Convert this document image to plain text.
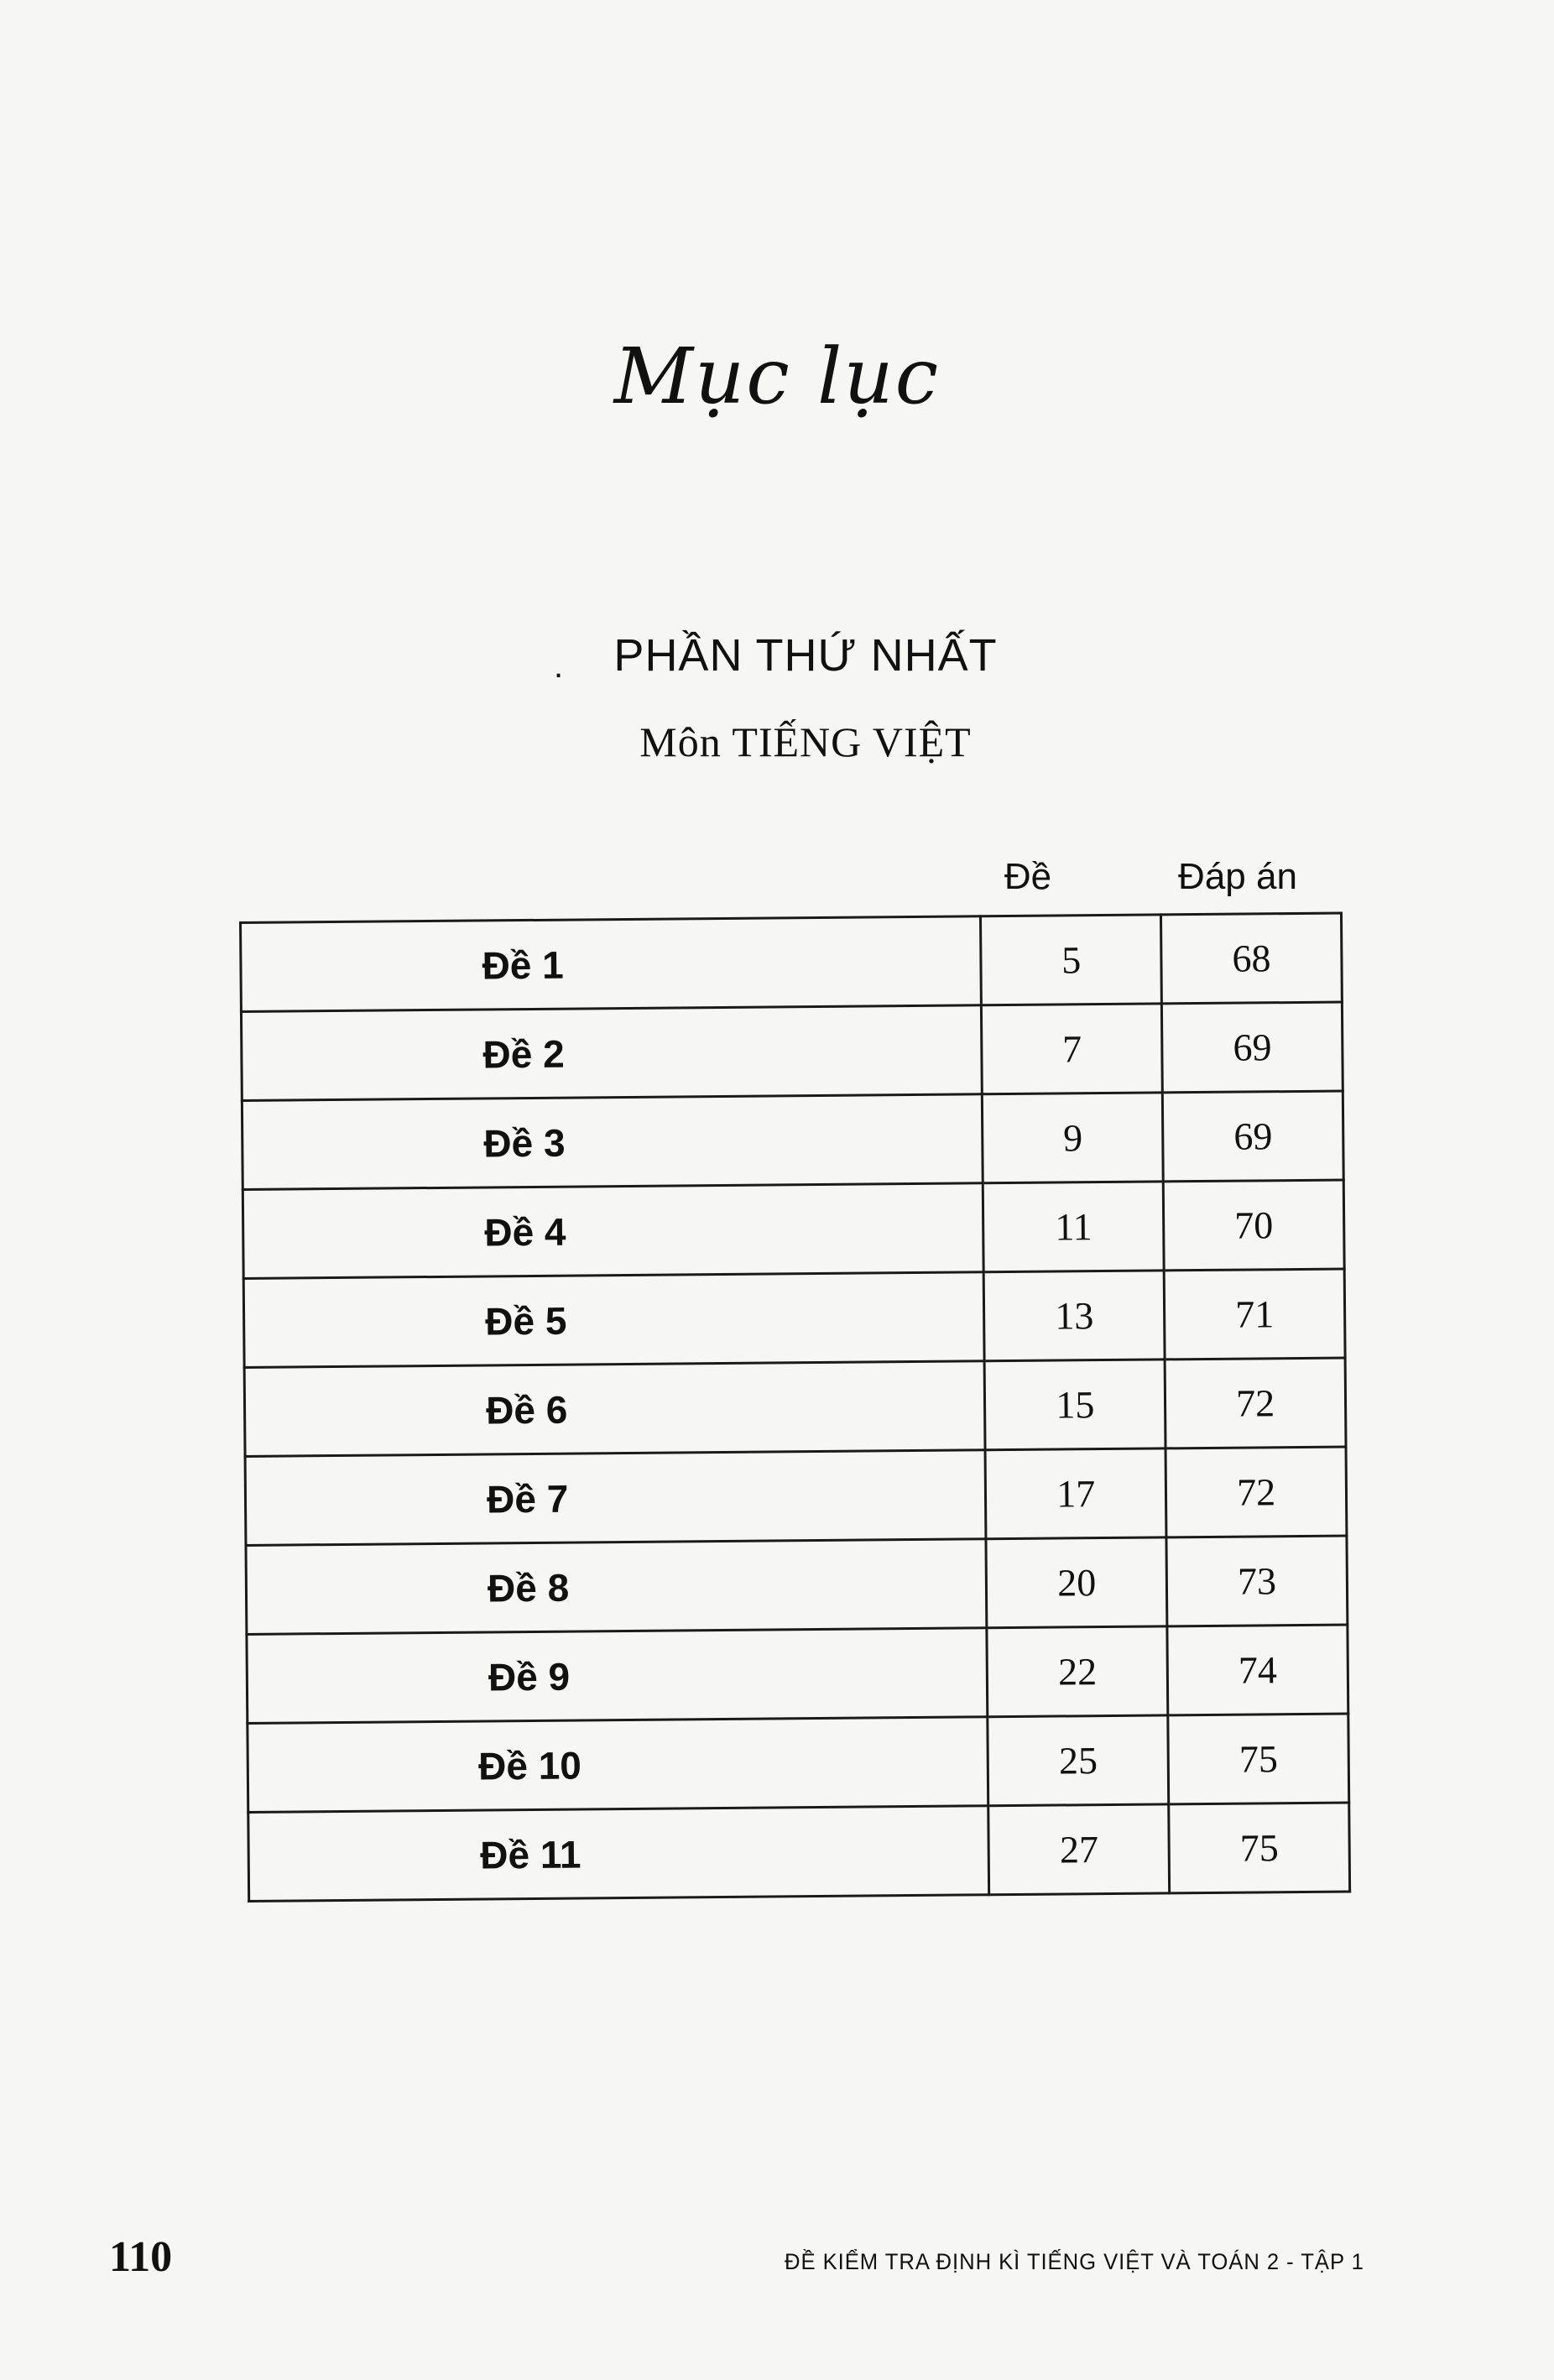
Mục lục
.	PHẦN THỨ NHẤT
Môn TIẾNG VIỆT
Đề	Đáp án
Đề 1	5	68
Đề 2	7	69
Đề 3	9	69
Đề 4	11	70
Đề 5	13	71
Đề 6	15	72
Đề 7	17	72
Đề 8	20	73
Đề 9	22	74
Đề 10	25	75
Đề 11	27	75
110	ĐỀ KIỂM TRA ĐỊNH KÌ TIẾNG VIỆT VÀ TOÁN 2 - TẬP 1
